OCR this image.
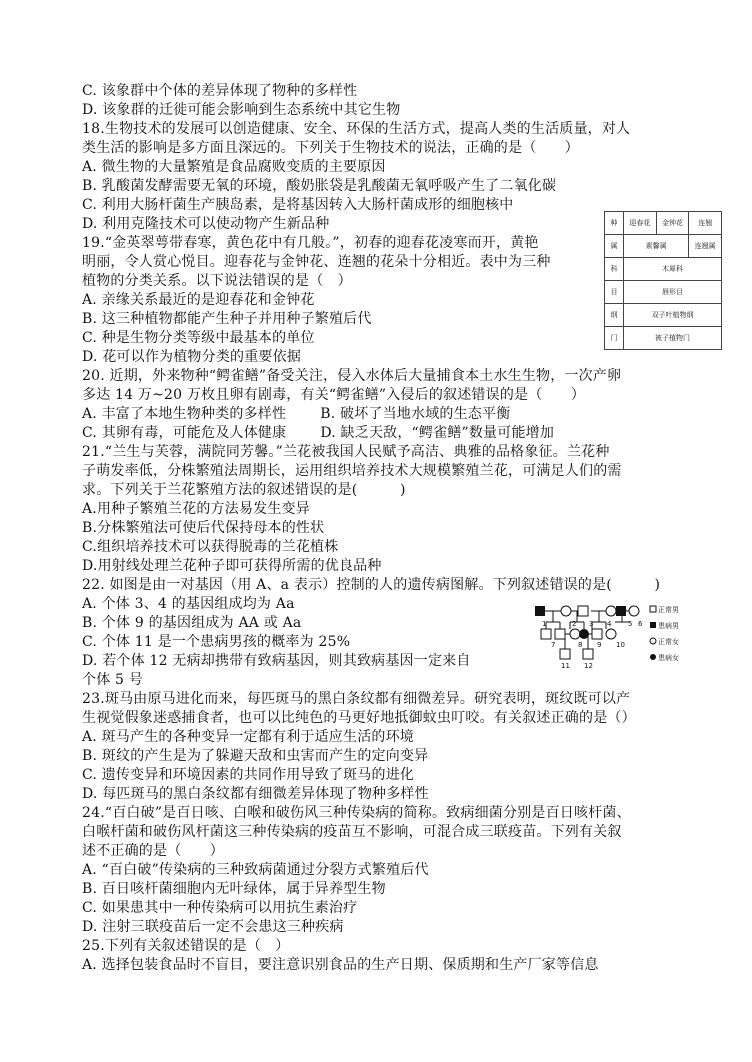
C. 该象群中个体的差异体现了物种的多样性
D. 该象群的迁徙可能会影响到生态系统中其它生物
18.生物技术的发展可以创造健康、安全、环保的生活方式，提高人类的生活质量，对人
类生活的影响是多方面且深远的。下列关于生物技术的说法，正确的是（　　）
A. 微生物的大量繁殖是食品腐败变质的主要原因
B. 乳酸菌发酵需要无氧的环境，酸奶胀袋是乳酸菌无氧呼吸产生了二氧化碳
C. 利用大肠杆菌生产胰岛素，是将基因转入大肠杆菌成形的细胞核中
D. 利用克隆技术可以使动物产生新品种
19.“金英翠萼带春寒，黄色花中有几般。”，初春的迎春花凌寒而开，黄艳
明丽，令人赏心悦目。迎春花与金钟花、连翘的花朵十分相近。表中为三种
植物的分类关系。以下说法错误的是（　）
A. 亲缘关系最近的是迎春花和金钟花
B. 这三种植物都能产生种子并用种子繁殖后代
C. 种是生物分类等级中最基本的单位
D. 花可以作为植物分类的重要依据
20. 近期，外来物种“鳄雀鳝”备受关注，侵入水体后大量捕食本土水生生物，一次产卵
多达 14 万~20 万枚且卵有剧毒，有关“鳄雀鳝”入侵后的叙述错误的是（　　）
A. 丰富了本地生物种类的多样性 B. 破坏了当地水域的生态平衡
C. 其卵有毒，可能危及人体健康 D. 缺乏天敌，“鳄雀鳝”数量可能增加
21.“兰生与芙蓉，满院同芳馨。”兰花被我国人民赋予高洁、典雅的品格象征。兰花种
子萌发率低，分株繁殖法周期长，运用组织培养技术大规模繁殖兰花，可满足人们的需
求。下列关于兰花繁殖方法的叙述错误的是(　　　)
A.用种子繁殖兰花的方法易发生变异
B.分株繁殖法可使后代保持母本的性状
C.组织培养技术可以获得脱毒的兰花植株
D.用射线处理兰花种子即可获得所需的优良品种
22. 如图是由一对基因（用 A、a 表示）控制的人的遗传病图解。下列叙述错误的是(　　　)
A. 个体 3、4 的基因组成均为 Aa
B. 个体 9 的基因组成为 AA 或 Aa
C. 个体 11 是一个患病男孩的概率为 25%
D. 若个体 12 无病却携带有致病基因，则其致病基因一定来自
个体 5 号
23.斑马由原马进化而来，每匹斑马的黑白条纹都有细微差异。研究表明，斑纹既可以产
生视觉假象迷惑捕食者，也可以比纯色的马更好地抵御蚊虫叮咬。有关叙述正确的是（）
A. 斑马产生的各种变异一定都有利于适应生活的环境
B. 斑纹的产生是为了躲避天敌和虫害而产生的定向变异
C. 遗传变异和环境因素的共同作用导致了斑马的进化
D. 每匹斑马的黑白条纹都有细微差异体现了物种多样性
24.“百白破”是百日咳、白喉和破伤风三种传染病的简称。致病细菌分别是百日咳杆菌、
白喉杆菌和破伤风杆菌这三种传染病的疫苗互不影响，可混合成三联疫苗。下列有关叙
述不正确的是（　　）
A. “百白破”传染病的三种致病菌通过分裂方式繁殖后代
B. 百日咳杆菌细胞内无叶绿体，属于异养型生物
C. 如果患其中一种传染病可以用抗生素治疗
D. 注射三联疫苗后一定不会患这三种疾病
25.下列有关叙述错误的是（　）
A. 选择包装食品时不盲目，要注意识别食品的生产日期、保质期和生产厂家等信息
种	迎春花	金钟花	连翘
属	素馨属		连翘属
科	木犀科		
目	唇形目		
纲	双子叶植物纲		
门	被子植物门		
1	2 3 4 5 6
7	8 9 10
11 12
正常男
患病男
正常女
患病女
